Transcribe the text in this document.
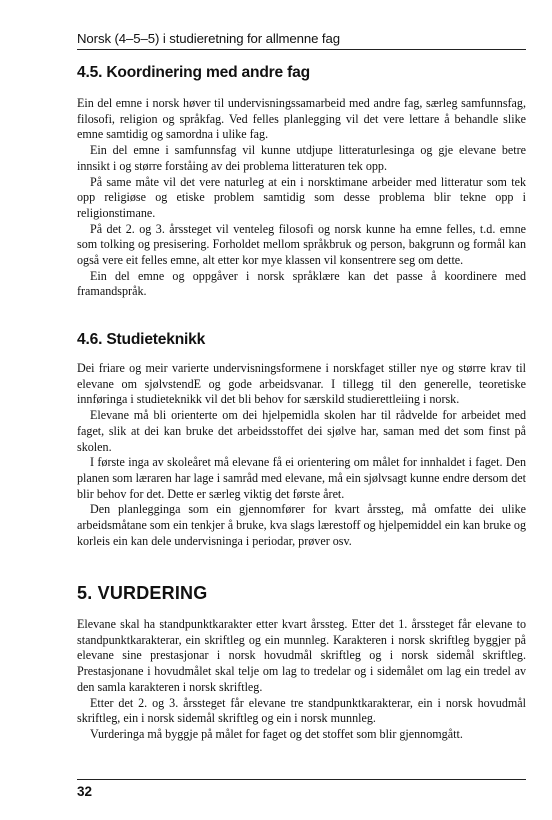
Norsk (4–5–5) i studieretning for allmenne fag
4.5. Koordinering med andre fag

Ein del emne i norsk høver til undervisningssamarbeid med andre fag, særleg samfunnsfag, filosofi, religion og språkfag. Ved felles planlegging vil det vere lettare å behandle slike emne samtidig og samordna i ulike fag.

Ein del emne i samfunnsfag vil kunne utdjupe litteraturlesinga og gje elevane betre innsikt i og større forståing av dei problema litteraturen tek opp.

På same måte vil det vere naturleg at ein i norsktimane arbeider med litteratur som tek opp religiøse og etiske problem samtidig som desse problema blir tekne opp i religionstimane.

På det 2. og 3. årssteget vil venteleg filosofi og norsk kunne ha emne felles, t.d. emne som tolking og presisering. Forholdet mellom språkbruk og person, bakgrunn og formål kan også vere eit felles emne, alt etter kor mye klassen vil konsentrere seg om dette.

Ein del emne og oppgåver i norsk språklære kan det passe å koordinere med framandspråk.

4.6. Studieteknikk

Dei friare og meir varierte undervisningsformene i norskfaget stiller nye og større krav til elevane om sjølvstendE og gode arbeidsvanar. I tillegg til den generelle, teoretiske innføringa i studieteknikk vil det bli behov for særskild studierettleiing i norsk.

Elevane må bli orienterte om dei hjelpemidla skolen har til rådvelde for arbeidet med faget, slik at dei kan bruke det arbeidsstoffet dei sjølve har, saman med det som finst på skolen.

I første inga av skoleåret må elevane få ei orientering om målet for innhaldet i faget. Den planen som læraren har lage i samråd med elevane, må ein sjølvsagt kunne endre dersom det blir behov for det. Dette er særleg viktig det første året.

Den planlegginga som ein gjennomfører for kvart årssteg, må omfatte dei ulike arbeidsmåtane som ein tenkjer å bruke, kva slags lærestoff og hjelpemiddel ein kan bruke og korleis ein kan dele undervisninga i periodar, prøver osv.

5. VURDERING

Elevane skal ha standpunktkarakter etter kvart årssteg. Etter det 1. årssteget får elevane to standpunktkarakterar, ein skriftleg og ein munnleg. Karakteren i norsk skriftleg byggjer på elevane sine prestasjonar i norsk hovudmål skriftleg og i norsk sidemål skriftleg. Prestasjonane i hovudmålet skal telje om lag to tredelar og i sidemålet om lag ein tredel av den samla karakteren i norsk skriftleg.

Etter det 2. og 3. årssteget får elevane tre standpunktkarakterar, ein i norsk hovudmål skriftleg, ein i norsk sidemål skriftleg og ein i norsk munnleg.

Vurderinga må byggje på målet for faget og det stoffet som blir gjennomgått.

32
